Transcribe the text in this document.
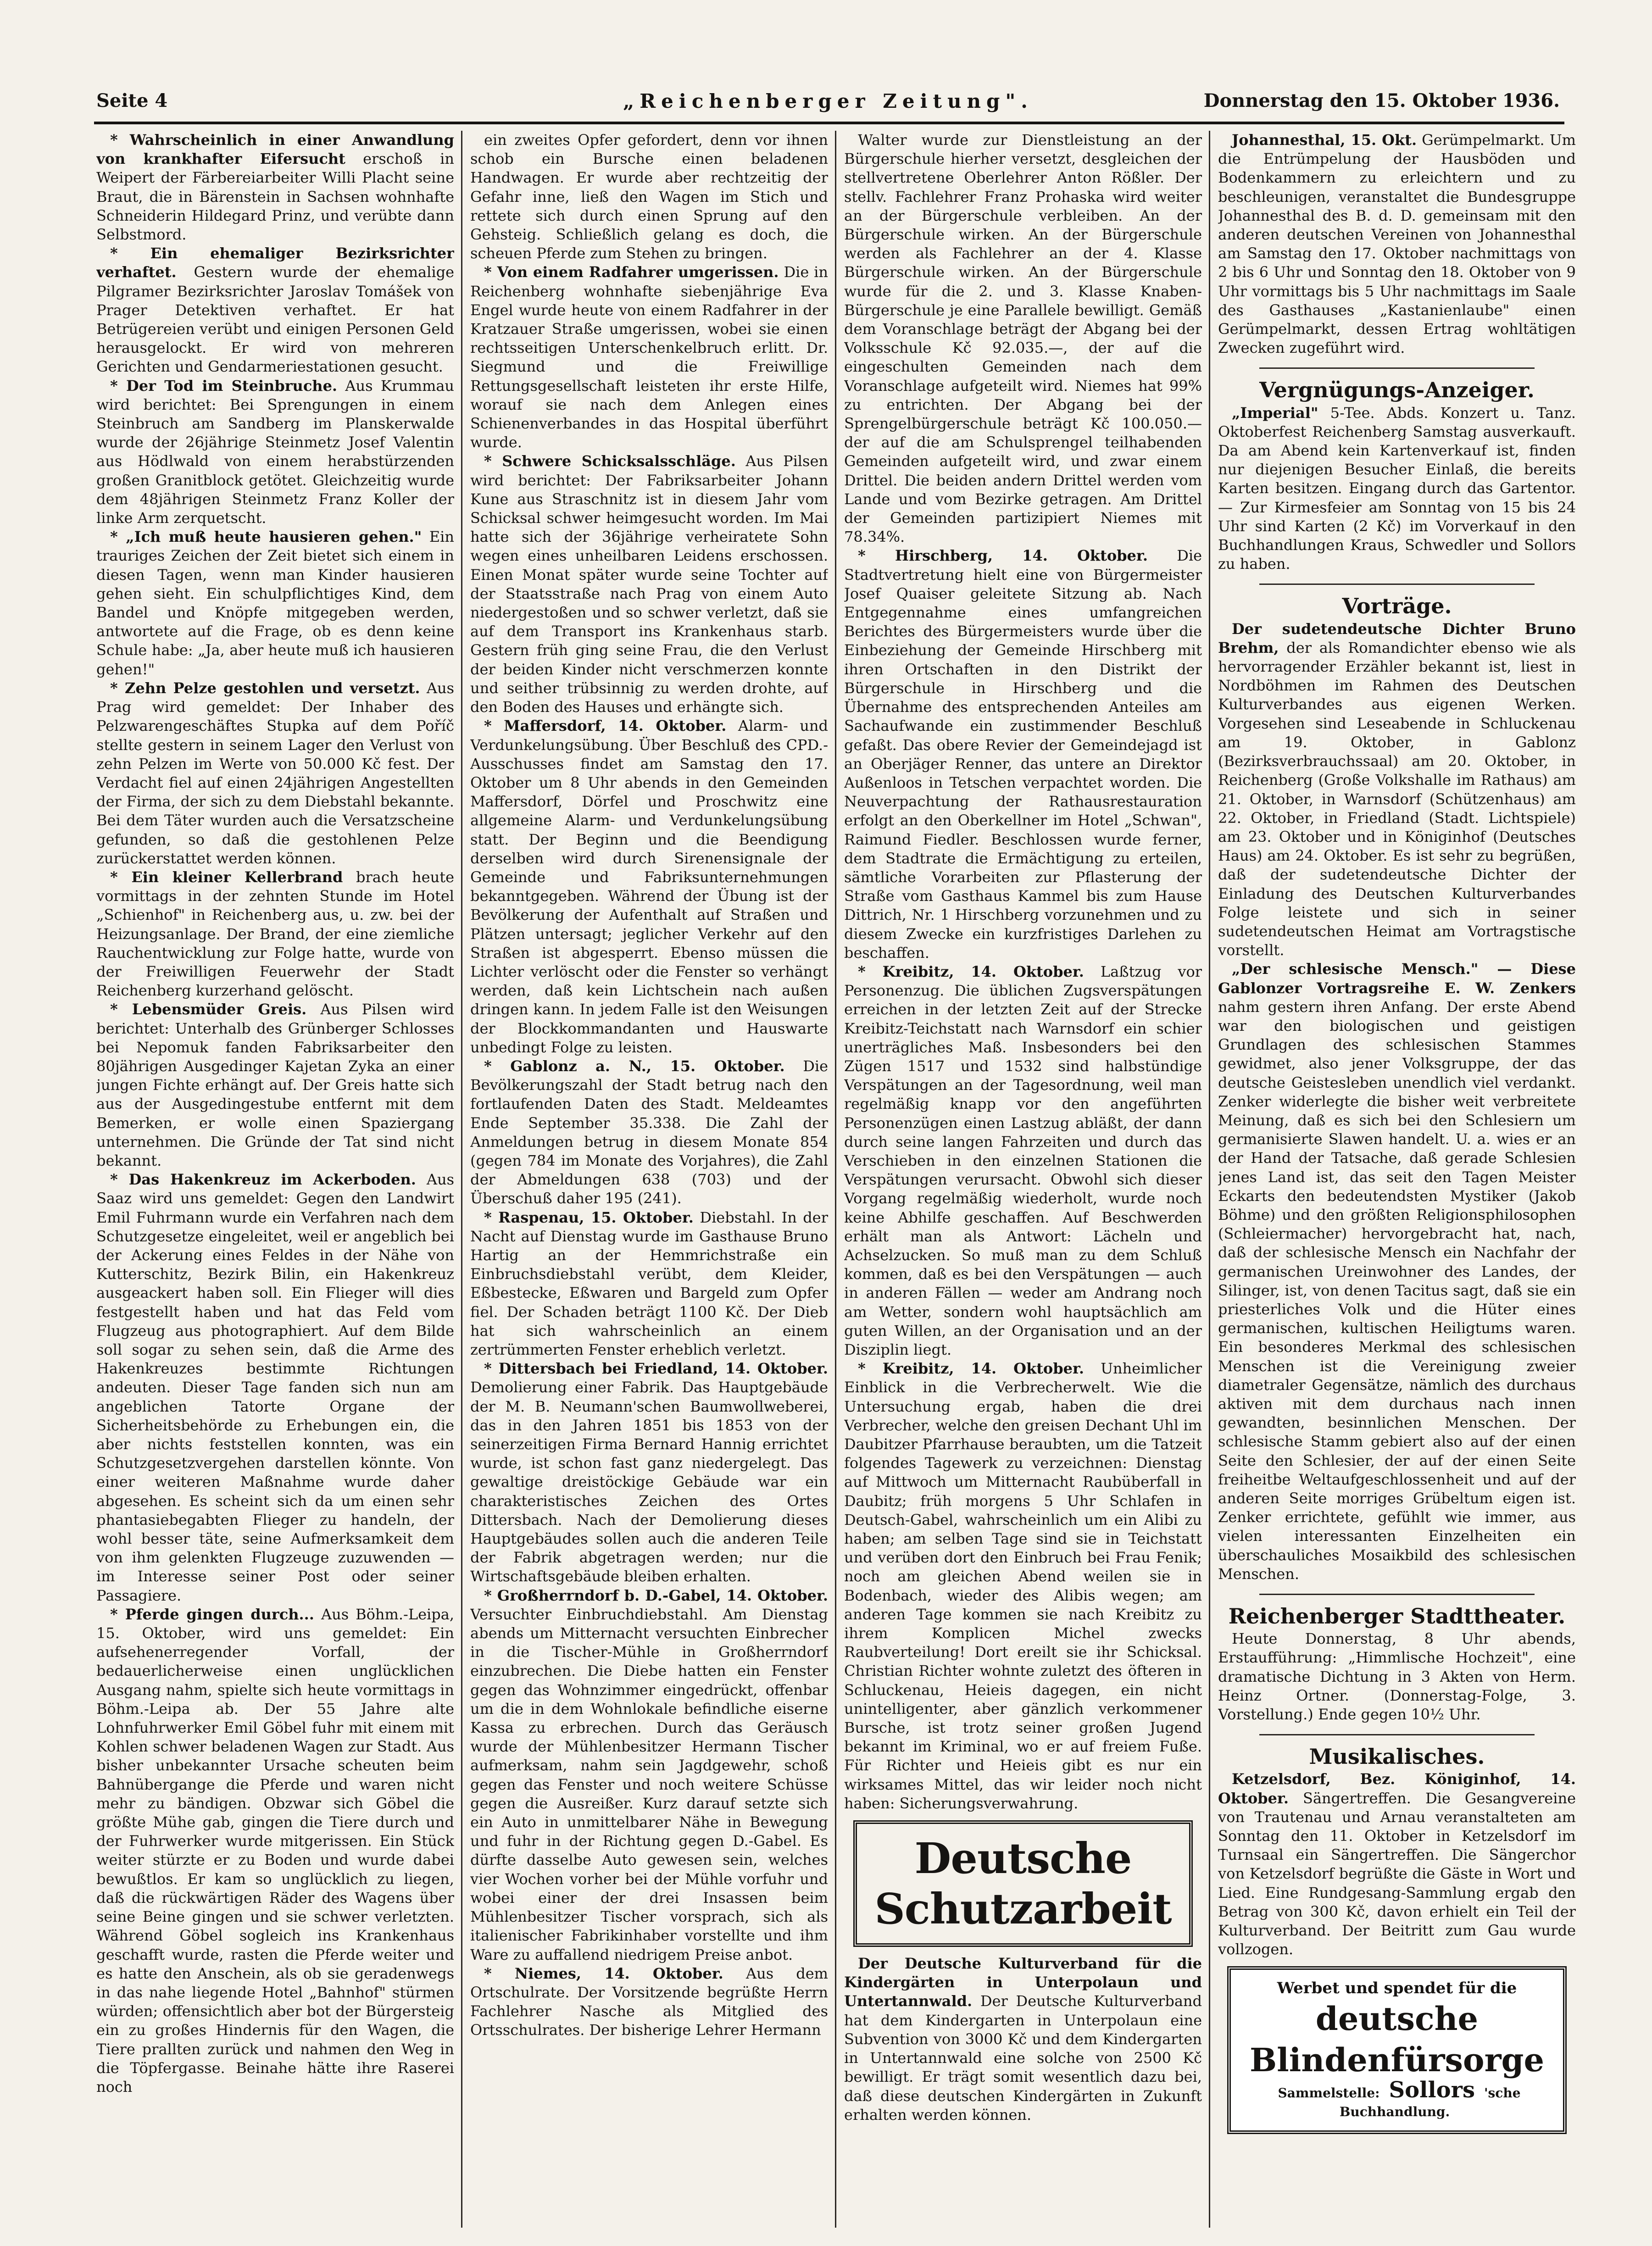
Seite 4	„Reichenberger Zeitung".	Donnerstag den 15. Oktober 1936.

* Wahrscheinlich in einer Anwandlung von krankhafter Eifersucht erschoß in Weipert der Färbereiarbeiter Willi Placht seine Braut, die in Bärenstein in Sachsen wohnhafte Schneiderin Hildegard Prinz, und verübte dann Selbstmord.

* Ein ehemaliger Bezirksrichter verhaftet. Gestern wurde der ehemalige Pilgramer Bezirksrichter Jaroslav Tomášek von Prager Detektiven verhaftet. Er hat Betrügereien verübt und einigen Personen Geld herausgelockt. Er wird von mehreren Gerichten und Gendarmeriestationen gesucht.

* Der Tod im Steinbruche. Aus Krummau wird berichtet: Bei Sprengungen in einem Steinbruch am Sandberg im Planskerwalde wurde der 26jährige Steinmetz Josef Valentin aus Hödlwald von einem herabstürzenden großen Granitblock getötet. Gleichzeitig wurde dem 48jährigen Steinmetz Franz Koller der linke Arm zerquetscht.

* „Ich muß heute hausieren gehen." Ein trauriges Zeichen der Zeit bietet sich einem in diesen Tagen, wenn man Kinder hausieren gehen sieht. Ein schulpflichtiges Kind, dem Bandel und Knöpfe mitgegeben werden, antwortete auf die Frage, ob es denn keine Schule habe: „Ja, aber heute muß ich hausieren gehen!"

* Zehn Pelze gestohlen und versetzt. Aus Prag wird gemeldet: Der Inhaber des Pelzwarengeschäftes Stupka auf dem Poříč stellte gestern in seinem Lager den Verlust von zehn Pelzen im Werte von 50.000 Kč fest. Der Verdacht fiel auf einen 24jährigen Angestellten der Firma, der sich zu dem Diebstahl bekannte. Bei dem Täter wurden auch die Versatzscheine gefunden, so daß die gestohlenen Pelze zurückerstattet werden können.

* Ein kleiner Kellerbrand brach heute vormittags in der zehnten Stunde im Hotel „Schienhof" in Reichenberg aus, u. zw. bei der Heizungsanlage. Der Brand, der eine ziemliche Rauchentwicklung zur Folge hatte, wurde von der Freiwilligen Feuerwehr der Stadt Reichenberg kurzerhand gelöscht.

* Lebensmüder Greis. Aus Pilsen wird berichtet: Unterhalb des Grünberger Schlosses bei Nepomuk fanden Fabriksarbeiter den 80jährigen Ausgedinger Kajetan Zyka an einer jungen Fichte erhängt auf. Der Greis hatte sich aus der Ausgedingestube entfernt mit dem Bemerken, er wolle einen Spaziergang unternehmen. Die Gründe der Tat sind nicht bekannt.

* Das Hakenkreuz im Ackerboden. Aus Saaz wird uns gemeldet: Gegen den Landwirt Emil Fuhrmann wurde ein Verfahren nach dem Schutzgesetze eingeleitet, weil er angeblich bei der Ackerung eines Feldes in der Nähe von Kutterschitz, Bezirk Bilin, ein Hakenkreuz ausgeackert haben soll. Ein Flieger will dies festgestellt haben und hat das Feld vom Flugzeug aus photographiert. Auf dem Bilde soll sogar zu sehen sein, daß die Arme des Hakenkreuzes bestimmte Richtungen andeuten. Dieser Tage fanden sich nun am angeblichen Tatorte Organe der Sicherheitsbehörde zu Erhebungen ein, die aber nichts feststellen konnten, was ein Schutzgesetzvergehen darstellen könnte. Von einer weiteren Maßnahme wurde daher abgesehen. Es scheint sich da um einen sehr phantasiebegabten Flieger zu handeln, der wohl besser täte, seine Aufmerksamkeit dem von ihm gelenkten Flugzeuge zuzuwenden — im Interesse seiner Post oder seiner Passagiere.

* Pferde gingen durch... Aus Böhm.-Leipa, 15. Oktober, wird uns gemeldet: Ein aufsehenerregender Vorfall, der bedauerlicherweise einen unglücklichen Ausgang nahm, spielte sich heute vormittags in Böhm.-Leipa ab. Der 55 Jahre alte Lohnfuhrwerker Emil Göbel fuhr mit einem mit Kohlen schwer beladenen Wagen zur Stadt. Aus bisher unbekannter Ursache scheuten beim Bahnübergange die Pferde und waren nicht mehr zu bändigen. Obzwar sich Göbel die größte Mühe gab, gingen die Tiere durch und der Fuhrwerker wurde mitgerissen. Ein Stück weiter stürzte er zu Boden und wurde dabei bewußtlos. Er kam so unglücklich zu liegen, daß die rückwärtigen Räder des Wagens über seine Beine gingen und sie schwer verletzten. Während Göbel sogleich ins Krankenhaus geschafft wurde, rasten die Pferde weiter und es hatte den Anschein, als ob sie geradenwegs in das nahe liegende Hotel „Bahnhof" stürmen würden; offensichtlich aber bot der Bürgersteig ein zu großes Hindernis für den Wagen, die Tiere prallten zurück und nahmen den Weg in die Töpfergasse. Beinahe hätte ihre Raserei noch

ein zweites Opfer gefordert, denn vor ihnen schob ein Bursche einen beladenen Handwagen. Er wurde aber rechtzeitig der Gefahr inne, ließ den Wagen im Stich und rettete sich durch einen Sprung auf den Gehsteig. Schließlich gelang es doch, die scheuen Pferde zum Stehen zu bringen.

* Von einem Radfahrer umgerissen. Die in Reichenberg wohnhafte siebenjährige Eva Engel wurde heute von einem Radfahrer in der Kratzauer Straße umgerissen, wobei sie einen rechtsseitigen Unterschenkelbruch erlitt. Dr. Siegmund und die Freiwillige Rettungsgesellschaft leisteten ihr erste Hilfe, worauf sie nach dem Anlegen eines Schienenverbandes in das Hospital überführt wurde.

* Schwere Schicksalsschläge. Aus Pilsen wird berichtet: Der Fabriksarbeiter Johann Kune aus Straschnitz ist in diesem Jahr vom Schicksal schwer heimgesucht worden. Im Mai hatte sich der 36jährige verheiratete Sohn wegen eines unheilbaren Leidens erschossen. Einen Monat später wurde seine Tochter auf der Staatsstraße nach Prag von einem Auto niedergestoßen und so schwer verletzt, daß sie auf dem Transport ins Krankenhaus starb. Gestern früh ging seine Frau, die den Verlust der beiden Kinder nicht verschmerzen konnte und seither trübsinnig zu werden drohte, auf den Boden des Hauses und erhängte sich.

* Maffersdorf, 14. Oktober. Alarm- und Verdunkelungsübung. Über Beschluß des CPD.-Ausschusses findet am Samstag den 17. Oktober um 8 Uhr abends in den Gemeinden Maffersdorf, Dörfel und Proschwitz eine allgemeine Alarm- und Verdunkelungsübung statt. Der Beginn und die Beendigung derselben wird durch Sirenensignale der Gemeinde und Fabriksunternehmungen bekanntgegeben. Während der Übung ist der Bevölkerung der Aufenthalt auf Straßen und Plätzen untersagt; jeglicher Verkehr auf den Straßen ist abgesperrt. Ebenso müssen die Lichter verlöscht oder die Fenster so verhängt werden, daß kein Lichtschein nach außen dringen kann. In jedem Falle ist den Weisungen der Blockkommandanten und Hauswarte unbedingt Folge zu leisten.

* Gablonz a. N., 15. Oktober. Die Bevölkerungszahl der Stadt betrug nach den fortlaufenden Daten des Stadt. Meldeamtes Ende September 35.338. Die Zahl der Anmeldungen betrug in diesem Monate 854 (gegen 784 im Monate des Vorjahres), die Zahl der Abmeldungen 638 (703) und der Überschuß daher 195 (241).

* Raspenau, 15. Oktober. Diebstahl. In der Nacht auf Dienstag wurde im Gasthause Bruno Hartig an der Hemmrichstraße ein Einbruchsdiebstahl verübt, dem Kleider, Eßbestecke, Eßwaren und Bargeld zum Opfer fiel. Der Schaden beträgt 1100 Kč. Der Dieb hat sich wahrscheinlich an einem zertrümmerten Fenster erheblich verletzt.

* Dittersbach bei Friedland, 14. Oktober. Demolierung einer Fabrik. Das Hauptgebäude der M. B. Neumann'schen Baumwollweberei, das in den Jahren 1851 bis 1853 von der seinerzeitigen Firma Bernard Hannig errichtet wurde, ist schon fast ganz niedergelegt. Das gewaltige dreistöckige Gebäude war ein charakteristisches Zeichen des Ortes Dittersbach. Nach der Demolierung dieses Hauptgebäudes sollen auch die anderen Teile der Fabrik abgetragen werden; nur die Wirtschaftsgebäude bleiben erhalten.

* Großherrndorf b. D.-Gabel, 14. Oktober. Versuchter Einbruchdiebstahl. Am Dienstag abends um Mitternacht versuchten Einbrecher in die Tischer-Mühle in Großherrndorf einzubrechen. Die Diebe hatten ein Fenster gegen das Wohnzimmer eingedrückt, offenbar um die in dem Wohnlokale befindliche eiserne Kassa zu erbrechen. Durch das Geräusch wurde der Mühlenbesitzer Hermann Tischer aufmerksam, nahm sein Jagdgewehr, schoß gegen das Fenster und noch weitere Schüsse gegen die Ausreißer. Kurz darauf setzte sich ein Auto in unmittelbarer Nähe in Bewegung und fuhr in der Richtung gegen D.-Gabel. Es dürfte dasselbe Auto gewesen sein, welches vier Wochen vorher bei der Mühle vorfuhr und wobei einer der drei Insassen beim Mühlenbesitzer Tischer vorsprach, sich als italienischer Fabrikinhaber vorstellte und ihm Ware zu auffallend niedrigem Preise anbot.

* Niemes, 14. Oktober. Aus dem Ortschulrate. Der Vorsitzende begrüßte Herrn Fachlehrer Nasche als Mitglied des Ortsschulrates. Der bisherige Lehrer Hermann

Walter wurde zur Dienstleistung an der Bürgerschule hierher versetzt, desgleichen der stellvertretene Oberlehrer Anton Rößler. Der stellv. Fachlehrer Franz Prohaska wird weiter an der Bürgerschule verbleiben. An der Bürgerschule wirken. An der Bürgerschule werden als Fachlehrer an der 4. Klasse Bürgerschule wirken. An der Bürgerschule wurde für die 2. und 3. Klasse Knaben-Bürgerschule je eine Parallele bewilligt. Gemäß dem Voranschlage beträgt der Abgang bei der Volksschule Kč 92.035.—, der auf die eingeschulten Gemeinden nach dem Voranschlage aufgeteilt wird. Niemes hat 99% zu entrichten. Der Abgang bei der Sprengelbürgerschule beträgt Kč 100.050.— der auf die am Schulsprengel teilhabenden Gemeinden aufgeteilt wird, und zwar einem Drittel. Die beiden andern Drittel werden vom Lande und vom Bezirke getragen. Am Drittel der Gemeinden partizipiert Niemes mit 78.34%.

* Hirschberg, 14. Oktober. Die Stadtvertretung hielt eine von Bürgermeister Josef Quaiser geleitete Sitzung ab. Nach Entgegennahme eines umfangreichen Berichtes des Bürgermeisters wurde über die Einbeziehung der Gemeinde Hirschberg mit ihren Ortschaften in den Distrikt der Bürgerschule in Hirschberg und die Übernahme des entsprechenden Anteiles am Sachaufwande ein zustimmender Beschluß gefaßt. Das obere Revier der Gemeindejagd ist an Oberjäger Renner, das untere an Direktor Außenloos in Tetschen verpachtet worden. Die Neuverpachtung der Rathausrestauration erfolgt an den Oberkellner im Hotel „Schwan", Raimund Fiedler. Beschlossen wurde ferner, dem Stadtrate die Ermächtigung zu erteilen, sämtliche Vorarbeiten zur Pflasterung der Straße vom Gasthaus Kammel bis zum Hause Dittrich, Nr. 1 Hirschberg vorzunehmen und zu diesem Zwecke ein kurzfristiges Darlehen zu beschaffen.

* Kreibitz, 14. Oktober. Laßtzug vor Personenzug. Die üblichen Zugsverspätungen erreichen in der letzten Zeit auf der Strecke Kreibitz-Teichstatt nach Warnsdorf ein schier unerträgliches Maß. Insbesonders bei den Zügen 1517 und 1532 sind halbstündige Verspätungen an der Tagesordnung, weil man regelmäßig knapp vor den angeführten Personenzügen einen Lastzug abläßt, der dann durch seine langen Fahrzeiten und durch das Verschieben in den einzelnen Stationen die Verspätungen verursacht. Obwohl sich dieser Vorgang regelmäßig wiederholt, wurde noch keine Abhilfe geschaffen. Auf Beschwerden erhält man als Antwort: Lächeln und Achselzucken. So muß man zu dem Schluß kommen, daß es bei den Verspätungen — auch in anderen Fällen — weder am Andrang noch am Wetter, sondern wohl hauptsächlich am guten Willen, an der Organisation und an der Disziplin liegt.

* Kreibitz, 14. Oktober. Unheimlicher Einblick in die Verbrecherwelt. Wie die Untersuchung ergab, haben die drei Verbrecher, welche den greisen Dechant Uhl im Daubitzer Pfarrhause beraubten, um die Tatzeit folgendes Tagewerk zu verzeichnen: Dienstag auf Mittwoch um Mitternacht Raubüberfall in Daubitz; früh morgens 5 Uhr Schlafen in Deutsch-Gabel, wahrscheinlich um ein Alibi zu haben; am selben Tage sind sie in Teichstatt und verüben dort den Einbruch bei Frau Fenik; noch am gleichen Abend weilen sie in Bodenbach, wieder des Alibis wegen; am anderen Tage kommen sie nach Kreibitz zu ihrem Komplicen Michel zwecks Raubverteilung! Dort ereilt sie ihr Schicksal. Christian Richter wohnte zuletzt des öfteren in Schluckenau, Heieis dagegen, ein nicht unintelligenter, aber gänzlich verkommener Bursche, ist trotz seiner großen Jugend bekannt im Kriminal, wo er auf freiem Fuße. Für Richter und Heieis gibt es nur ein wirksames Mittel, das wir leider noch nicht haben: Sicherungsverwahrung.

Deutsche Schutzarbeit

Der Deutsche Kulturverband für die Kindergärten in Unterpolaun und Untertannwald. Der Deutsche Kulturverband hat dem Kindergarten in Unterpolaun eine Subvention von 3000 Kč und dem Kindergarten in Untertannwald eine solche von 2500 Kč bewilligt. Er trägt somit wesentlich dazu bei, daß diese deutschen Kindergärten in Zukunft erhalten werden können.

Johannesthal, 15. Okt. Gerümpelmarkt. Um die Entrümpelung der Hausböden und Bodenkammern zu erleichtern und zu beschleunigen, veranstaltet die Bundesgruppe Johannesthal des B. d. D. gemeinsam mit den anderen deutschen Vereinen von Johannesthal am Samstag den 17. Oktober nachmittags von 2 bis 6 Uhr und Sonntag den 18. Oktober von 9 Uhr vormittags bis 5 Uhr nachmittags im Saale des Gasthauses „Kastanienlaube" einen Gerümpelmarkt, dessen Ertrag wohltätigen Zwecken zugeführt wird.

Vergnügungs-Anzeiger.

„Imperial" 5-Tee. Abds. Konzert u. Tanz. Oktoberfest Reichenberg Samstag ausverkauft. Da am Abend kein Kartenverkauf ist, finden nur diejenigen Besucher Einlaß, die bereits Karten besitzen. Eingang durch das Gartentor. — Zur Kirmesfeier am Sonntag von 15 bis 24 Uhr sind Karten (2 Kč) im Vorverkauf in den Buchhandlungen Kraus, Schwedler und Sollors zu haben.

Vorträge.

Der sudetendeutsche Dichter Bruno Brehm, der als Romandichter ebenso wie als hervorragender Erzähler bekannt ist, liest in Nordböhmen im Rahmen des Deutschen Kulturverbandes aus eigenen Werken. Vorgesehen sind Leseabende in Schluckenau am 19. Oktober, in Gablonz (Bezirksverbrauchssaal) am 20. Oktober, in Reichenberg (Große Volkshalle im Rathaus) am 21. Oktober, in Warnsdorf (Schützenhaus) am 22. Oktober, in Friedland (Stadt. Lichtspiele) am 23. Oktober und in Königinhof (Deutsches Haus) am 24. Oktober. Es ist sehr zu begrüßen, daß der sudetendeutsche Dichter der Einladung des Deutschen Kulturverbandes Folge leistete und sich in seiner sudetendeutschen Heimat am Vortragstische vorstellt.

„Der schlesische Mensch." — Diese Gablonzer Vortragsreihe E. W. Zenkers nahm gestern ihren Anfang. Der erste Abend war den biologischen und geistigen Grundlagen des schlesischen Stammes gewidmet, also jener Volksgruppe, der das deutsche Geistesleben unendlich viel verdankt. Zenker widerlegte die bisher weit verbreitete Meinung, daß es sich bei den Schlesiern um germanisierte Slawen handelt. U. a. wies er an der Hand der Tatsache, daß gerade Schlesien jenes Land ist, das seit den Tagen Meister Eckarts den bedeutendsten Mystiker (Jakob Böhme) und den größten Religionsphilosophen (Schleiermacher) hervorgebracht hat, nach, daß der schlesische Mensch ein Nachfahr der germanischen Ureinwohner des Landes, der Silinger, ist, von denen Tacitus sagt, daß sie ein priesterliches Volk und die Hüter eines germanischen, kultischen Heiligtums waren. Ein besonderes Merkmal des schlesischen Menschen ist die Vereinigung zweier diametraler Gegensätze, nämlich des durchaus aktiven mit dem durchaus nach innen gewandten, besinnlichen Menschen. Der schlesische Stamm gebiert also auf der einen Seite den Schlesier, der auf der einen Seite freiheitbe Weltaufgeschlossenheit und auf der anderen Seite morriges Grübeltum eigen ist. Zenker errichtete, gefühlt wie immer, aus vielen interessanten Einzelheiten ein überschauliches Mosaikbild des schlesischen Menschen.

Reichenberger Stadttheater.

Heute Donnerstag, 8 Uhr abends, Erstaufführung: „Himmlische Hochzeit", eine dramatische Dichtung in 3 Akten von Herm. Heinz Ortner. (Donnerstag-Folge, 3. Vorstellung.) Ende gegen 10½ Uhr.

Musikalisches.

Ketzelsdorf, Bez. Königinhof, 14. Oktober. Sängertreffen. Die Gesangvereine von Trautenau und Arnau veranstalteten am Sonntag den 11. Oktober in Ketzelsdorf im Turnsaal ein Sängertreffen. Die Sängerchor von Ketzelsdorf begrüßte die Gäste in Wort und Lied. Eine Rundgesang-Sammlung ergab den Betrag von 300 Kč, davon erhielt ein Teil der Kulturverband. Der Beitritt zum Gau wurde vollzogen.

Werbet und spendet für die
deutsche Blindenfürsorge
Sammelstelle: Sollors 'sche Buchhandlung.
